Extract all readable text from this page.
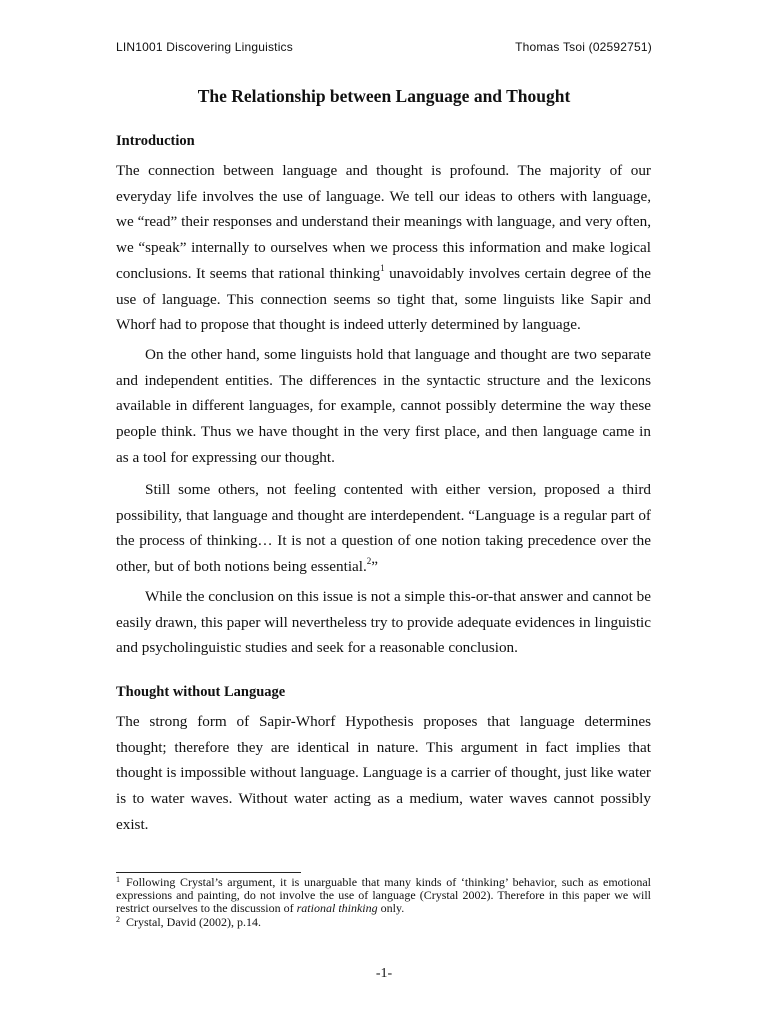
LIN1001 Discovering Linguistics	Thomas Tsoi (02592751)
The Relationship between Language and Thought
Introduction

The connection between language and thought is profound. The majority of our everyday life involves the use of language. We tell our ideas to others with language, we “read” their responses and understand their meanings with language, and very often, we “speak” internally to ourselves when we process this information and make logical conclusions. It seems that rational thinking$^1$ unavoidably involves certain degree of the use of language. This connection seems so tight that, some linguists like Sapir and Whorf had to propose that thought is indeed utterly determined by language.

On the other hand, some linguists hold that language and thought are two separate and independent entities. The differences in the syntactic structure and the lexicons available in different languages, for example, cannot possibly determine the way these people think. Thus we have thought in the very first place, and then language came in as a tool for expressing our thought.

Still some others, not feeling contented with either version, proposed a third possibility, that language and thought are interdependent. “Language is a regular part of the process of thinking… It is not a question of one notion taking precedence over the other, but of both notions being essential.$^2$”

While the conclusion on this issue is not a simple this-or-that answer and cannot be easily drawn, this paper will nevertheless try to provide adequate evidences in linguistic and psycholinguistic studies and seek for a reasonable conclusion.

Thought without Language

The strong form of Sapir-Whorf Hypothesis proposes that language determines thought; therefore they are identical in nature. This argument in fact implies that thought is impossible without language. Language is a carrier of thought, just like water is to water waves. Without water acting as a medium, water waves cannot possibly exist.

$^1$ Following Crystal’s argument, it is unarguable that many kinds of ‘thinking’ behavior, such as emotional expressions and painting, do not involve the use of language (Crystal 2002). Therefore in this paper we will restrict ourselves to the discussion of rational thinking only.

$^2$ Crystal, David (2002), p.14.

-1-
